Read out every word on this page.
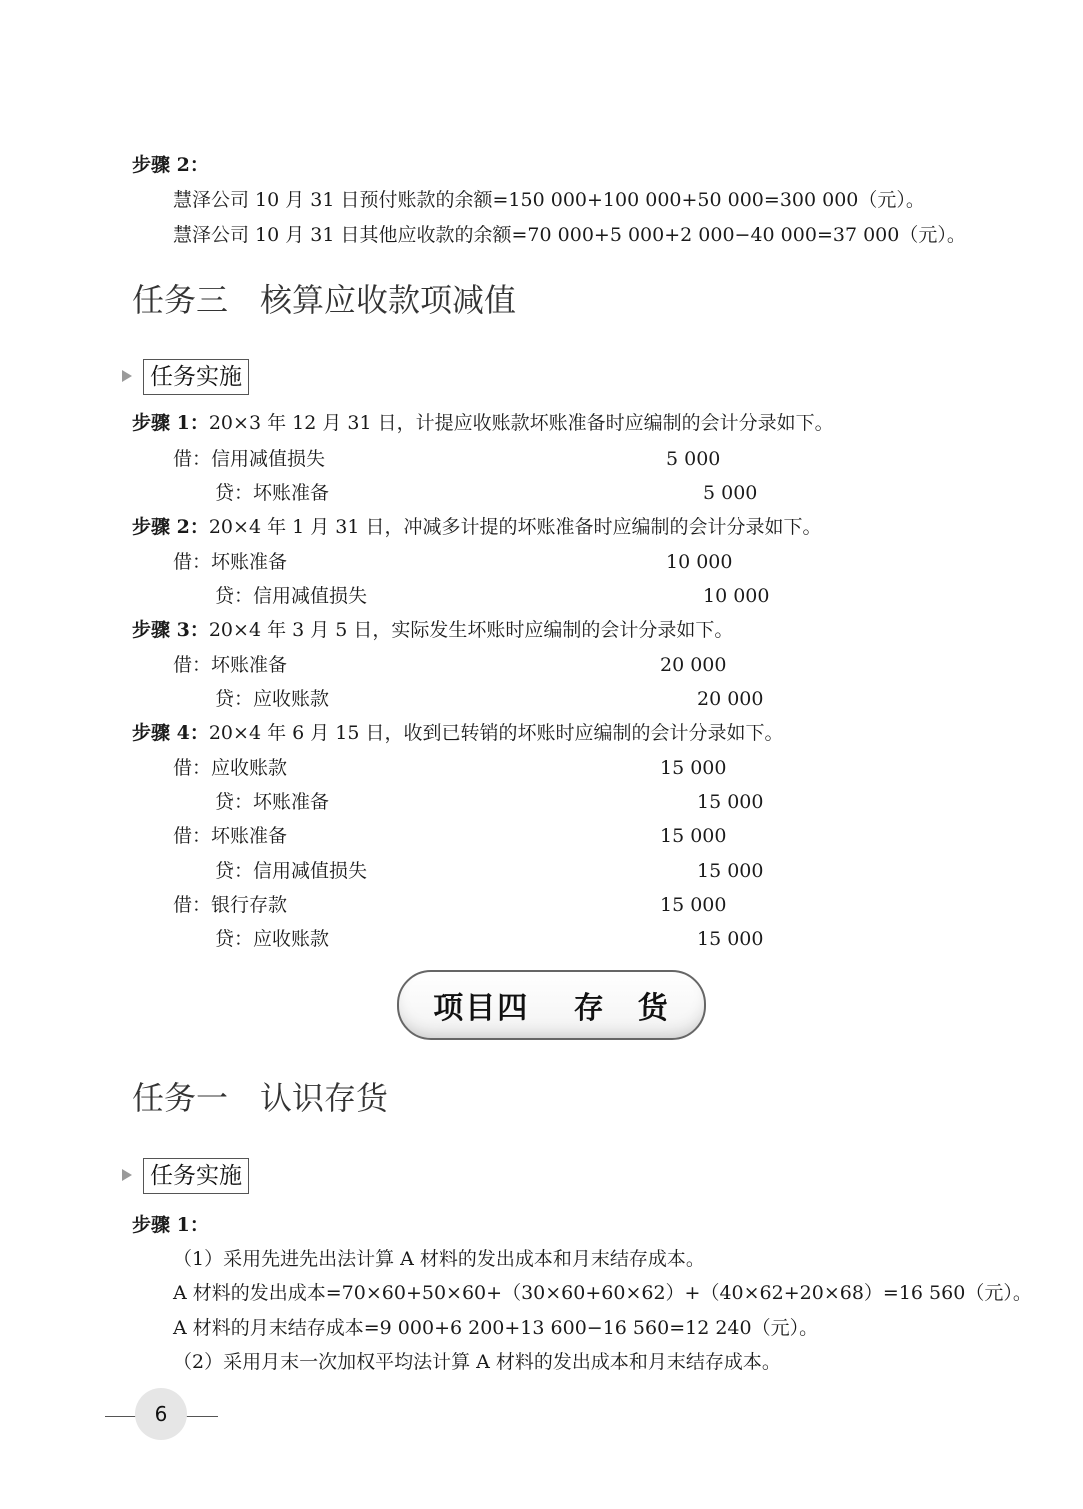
步骤 2：
慧泽公司 10 月 31 日预付账款的余额=150 000+100 000+50 000=300 000（元）。
慧泽公司 10 月 31 日其他应收款的余额=70 000+5 000+2 000−40 000=37 000（元）。
任务三　核算应收款项减值
任务实施
步骤 1：20×3 年 12 月 31 日，计提应收账款坏账准备时应编制的会计分录如下。
借：信用减值损失	5 000
贷：坏账准备	5 000
步骤 2：20×4 年 1 月 31 日，冲减多计提的坏账准备时应编制的会计分录如下。
借：坏账准备	10 000
贷：信用减值损失	10 000
步骤 3：20×4 年 3 月 5 日，实际发生坏账时应编制的会计分录如下。
借：坏账准备	20 000
贷：应收账款	20 000
步骤 4：20×4 年 6 月 15 日，收到已转销的坏账时应编制的会计分录如下。
借：应收账款	15 000
贷：坏账准备	15 000
借：坏账准备	15 000
贷：信用减值损失	15 000
借：银行存款	15 000
贷：应收账款	15 000
项目四
　 存　货
任务一　认识存货
任务实施
步骤 1：
（1）采用先进先出法计算 A 材料的发出成本和月末结存成本。
A 材料的发出成本=70×60+50×60+（30×60+60×62）+（40×62+20×68）=16 560（元）。
A 材料的月末结存成本=9 000+6 200+13 600−16 560=12 240（元）。
（2）采用月末一次加权平均法计算 A 材料的发出成本和月末结存成本。
6
